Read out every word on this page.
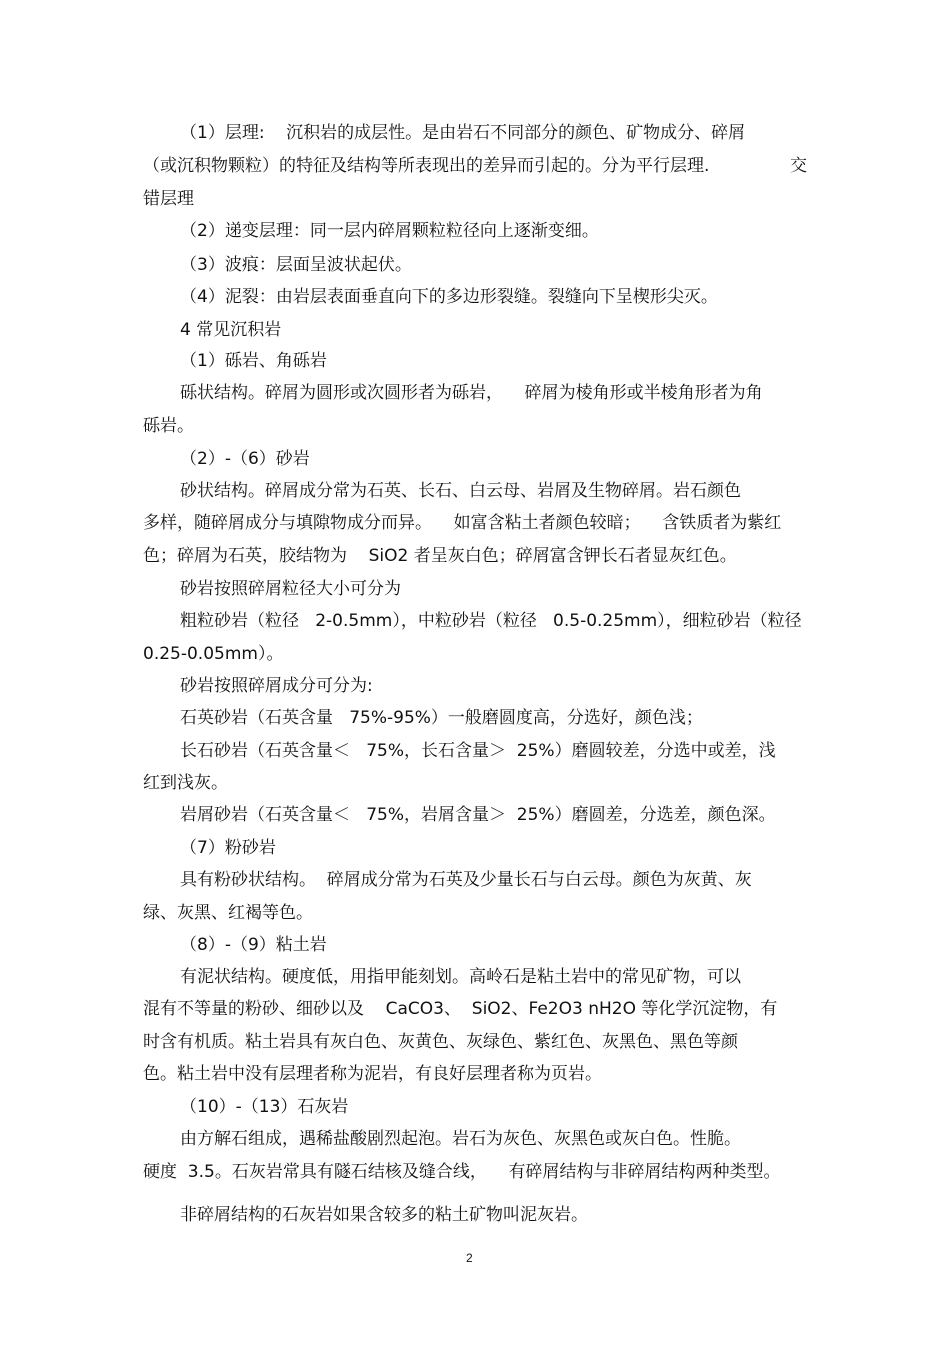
（1）层理:    沉积岩的成层性。是由岩石不同部分的颜色、矿物成分、碎屑
（或沉积物颗粒）的特征及结构等所表现出的差异而引起的。分为平行层理.	交
错层理
（2）递变层理：同一层内碎屑颗粒粒径向上逐渐变细。
（3）波痕：层面呈波状起伏。
（4）泥裂：由岩层表面垂直向下的多边形裂缝。裂缝向下呈楔形尖灭。
4 常见沉积岩
（1）砾岩、角砾岩
砾状结构。碎屑为圆形或次圆形者为砾岩，    碎屑为棱角形或半棱角形者为角
砾岩。
（2）-（6）砂岩
砂状结构。碎屑成分常为石英、长石、白云母、岩屑及生物碎屑。岩石颜色
多样，随碎屑成分与填隙物成分而异。    如富含粘土者颜色较暗；    含铁质者为紫红
色；碎屑为石英，胶结物为    SiO2 者呈灰白色；碎屑富含钾长石者显灰红色。
砂岩按照碎屑粒径大小可分为
粗粒砂岩（粒径   2-0.5mm），中粒砂岩（粒径   0.5-0.25mm），细粒砂岩（粒径
0.25-0.05mm）。
砂岩按照碎屑成分可分为:
石英砂岩（石英含量   75%-95%）一般磨圆度高，分选好，颜色浅；
长石砂岩（石英含量＜   75%，长石含量＞  25%）磨圆较差，分选中或差，浅
红到浅灰。
岩屑砂岩（石英含量＜   75%，岩屑含量＞  25%）磨圆差，分选差，颜色深。
（7）粉砂岩
具有粉砂状结构。  碎屑成分常为石英及少量长石与白云母。颜色为灰黄、灰
绿、灰黑、红褐等色。
（8）-（9）粘土岩
有泥状结构。硬度低，用指甲能刻划。高岭石是粘土岩中的常见矿物，可以
混有不等量的粉砂、细砂以及    CaCO3、  SiO2、Fe2O3 nH2O 等化学沉淀物，有
时含有机质。粘土岩具有灰白色、灰黄色、灰绿色、紫红色、灰黑色、黑色等颜
色。粘土岩中没有层理者称为泥岩，有良好层理者称为页岩。
（10）-（13）石灰岩
由方解石组成，遇稀盐酸剧烈起泡。岩石为灰色、灰黑色或灰白色。性脆。
硬度  3.5。石灰岩常具有隧石结核及缝合线，    有碎屑结构与非碎屑结构两种类型。
非碎屑结构的石灰岩如果含较多的粘土矿物叫泥灰岩。
2
